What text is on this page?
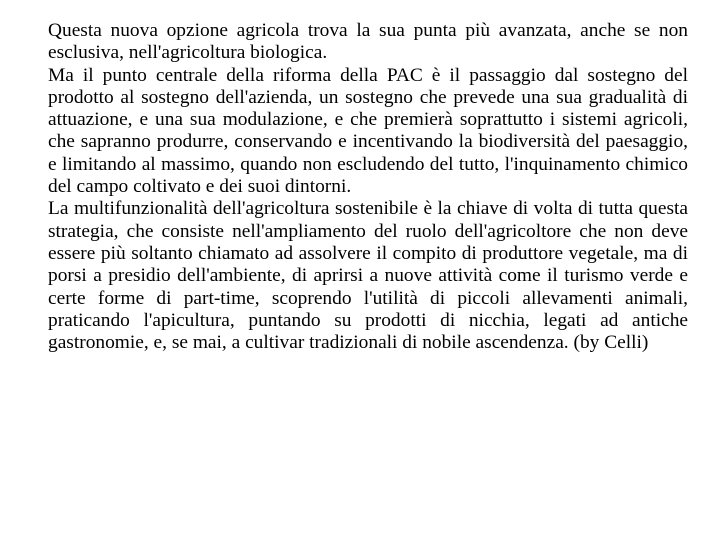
Questa nuova opzione agricola trova la sua punta più avanzata, anche se non esclusiva, nell'agricoltura biologica.

Ma il punto centrale della riforma della PAC è il passaggio dal sostegno del prodotto al sostegno dell'azienda, un sostegno che prevede una sua gradualità di attuazione, e una sua modulazione, e che premierà soprattutto i sistemi agricoli, che sapranno produrre, conservando e incentivando la biodiversità del paesaggio, e limitando al massimo, quando non escludendo del tutto, l'inquinamento chimico del campo coltivato e dei suoi dintorni.

La multifunzionalità dell'agricoltura sostenibile è la chiave di volta di tutta questa strategia, che consiste nell'ampliamento del ruolo dell'agricoltore che non deve essere più soltanto chiamato ad assolvere il compito di produttore vegetale, ma di porsi a presidio dell'ambiente, di aprirsi a nuove attività come il turismo verde e certe forme di part-time, scoprendo l'utilità di piccoli allevamenti animali, praticando l'apicultura, puntando su prodotti di nicchia, legati ad antiche gastronomie, e, se mai, a cultivar tradizionali di nobile ascendenza. (by Celli)
